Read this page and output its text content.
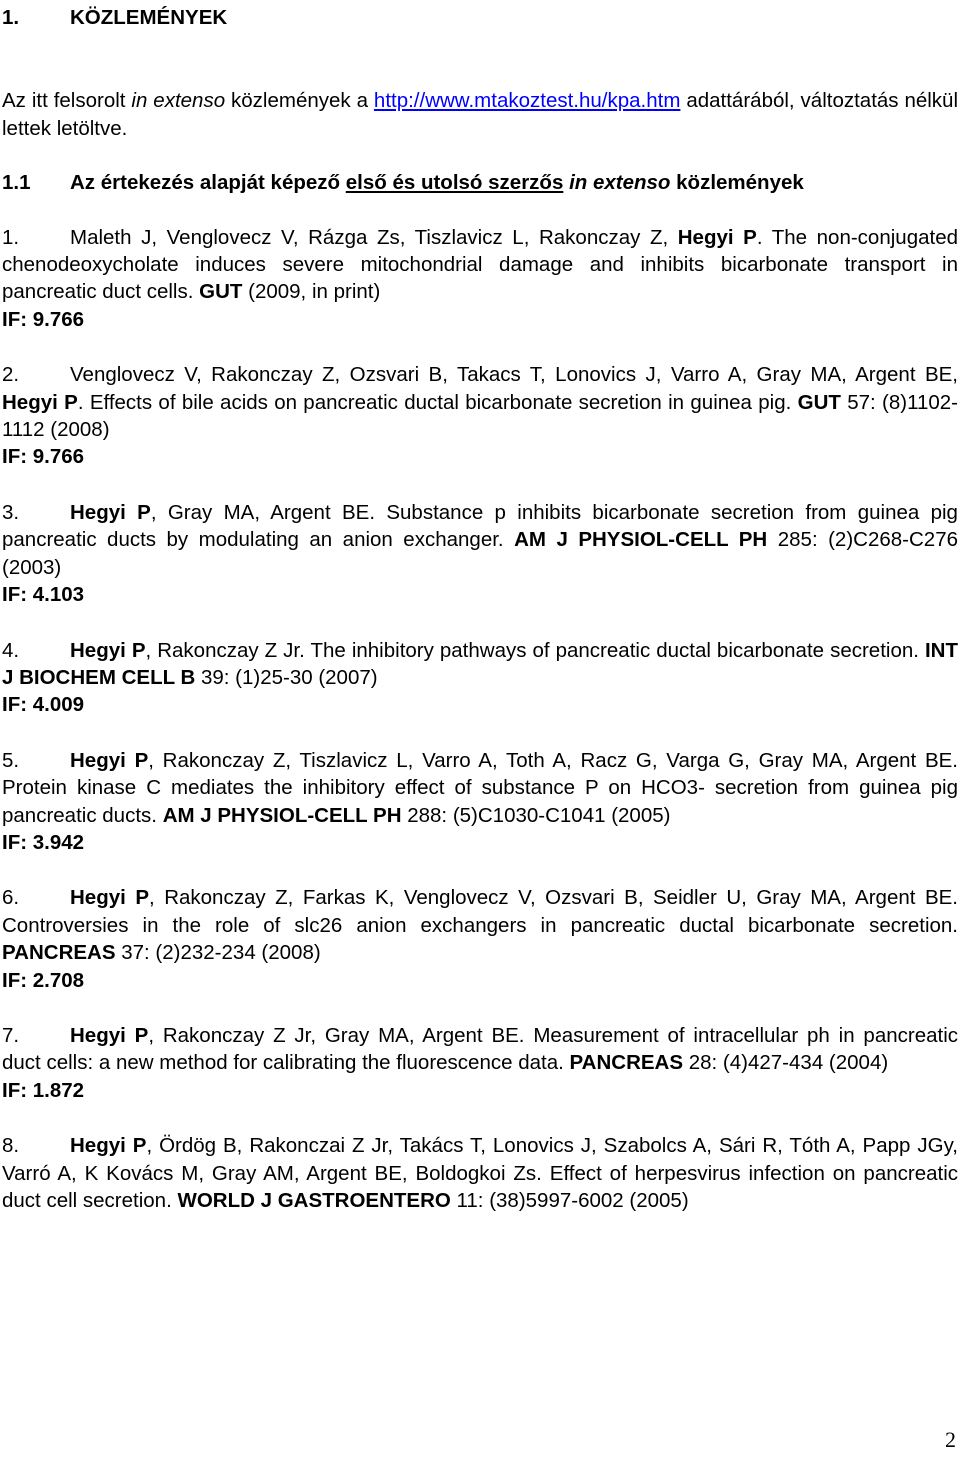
1. KÖZLEMÉNYEK

Az itt felsorolt in extenso közlemények a http://www.mtakoztest.hu/kpa.htm adattárából, változtatás nélkül lettek letöltve.

1.1 Az értekezés alapját képező első és utolsó szerzős in extenso közlemények

1. Maleth J, Venglovecz V, Rázga Zs, Tiszlavicz L, Rakonczay Z, Hegyi P. The non-conjugated chenodeoxycholate induces severe mitochondrial damage and inhibits bicarbonate transport in pancreatic duct cells. GUT (2009, in print)
IF: 9.766

2. Venglovecz V, Rakonczay Z, Ozsvari B, Takacs T, Lonovics J, Varro A, Gray MA, Argent BE, Hegyi P. Effects of bile acids on pancreatic ductal bicarbonate secretion in guinea pig. GUT 57: (8)1102-1112 (2008)
IF: 9.766

3. Hegyi P, Gray MA, Argent BE. Substance p inhibits bicarbonate secretion from guinea pig pancreatic ducts by modulating an anion exchanger. AM J PHYSIOL-CELL PH 285: (2)C268-C276 (2003)
IF: 4.103

4. Hegyi P, Rakonczay Z Jr. The inhibitory pathways of pancreatic ductal bicarbonate secretion. INT J BIOCHEM CELL B 39: (1)25-30 (2007)
IF: 4.009

5. Hegyi P, Rakonczay Z, Tiszlavicz L, Varro A, Toth A, Racz G, Varga G, Gray MA, Argent BE. Protein kinase C mediates the inhibitory effect of substance P on HCO3- secretion from guinea pig pancreatic ducts. AM J PHYSIOL-CELL PH 288: (5)C1030-C1041 (2005)
IF: 3.942

6. Hegyi P, Rakonczay Z, Farkas K, Venglovecz V, Ozsvari B, Seidler U, Gray MA, Argent BE. Controversies in the role of slc26 anion exchangers in pancreatic ductal bicarbonate secretion. PANCREAS 37: (2)232-234 (2008)
IF: 2.708

7. Hegyi P, Rakonczay Z Jr, Gray MA, Argent BE. Measurement of intracellular ph in pancreatic duct cells: a new method for calibrating the fluorescence data. PANCREAS 28: (4)427-434 (2004)
IF: 1.872

8. Hegyi P, Ördög B, Rakonczai Z Jr, Takács T, Lonovics J, Szabolcs A, Sári R, Tóth A, Papp JGy, Varró A, K Kovács M, Gray AM, Argent BE, Boldogkoi Zs. Effect of herpesvirus infection on pancreatic duct cell secretion. WORLD J GASTROENTERO 11: (38)5997-6002 (2005)

2
